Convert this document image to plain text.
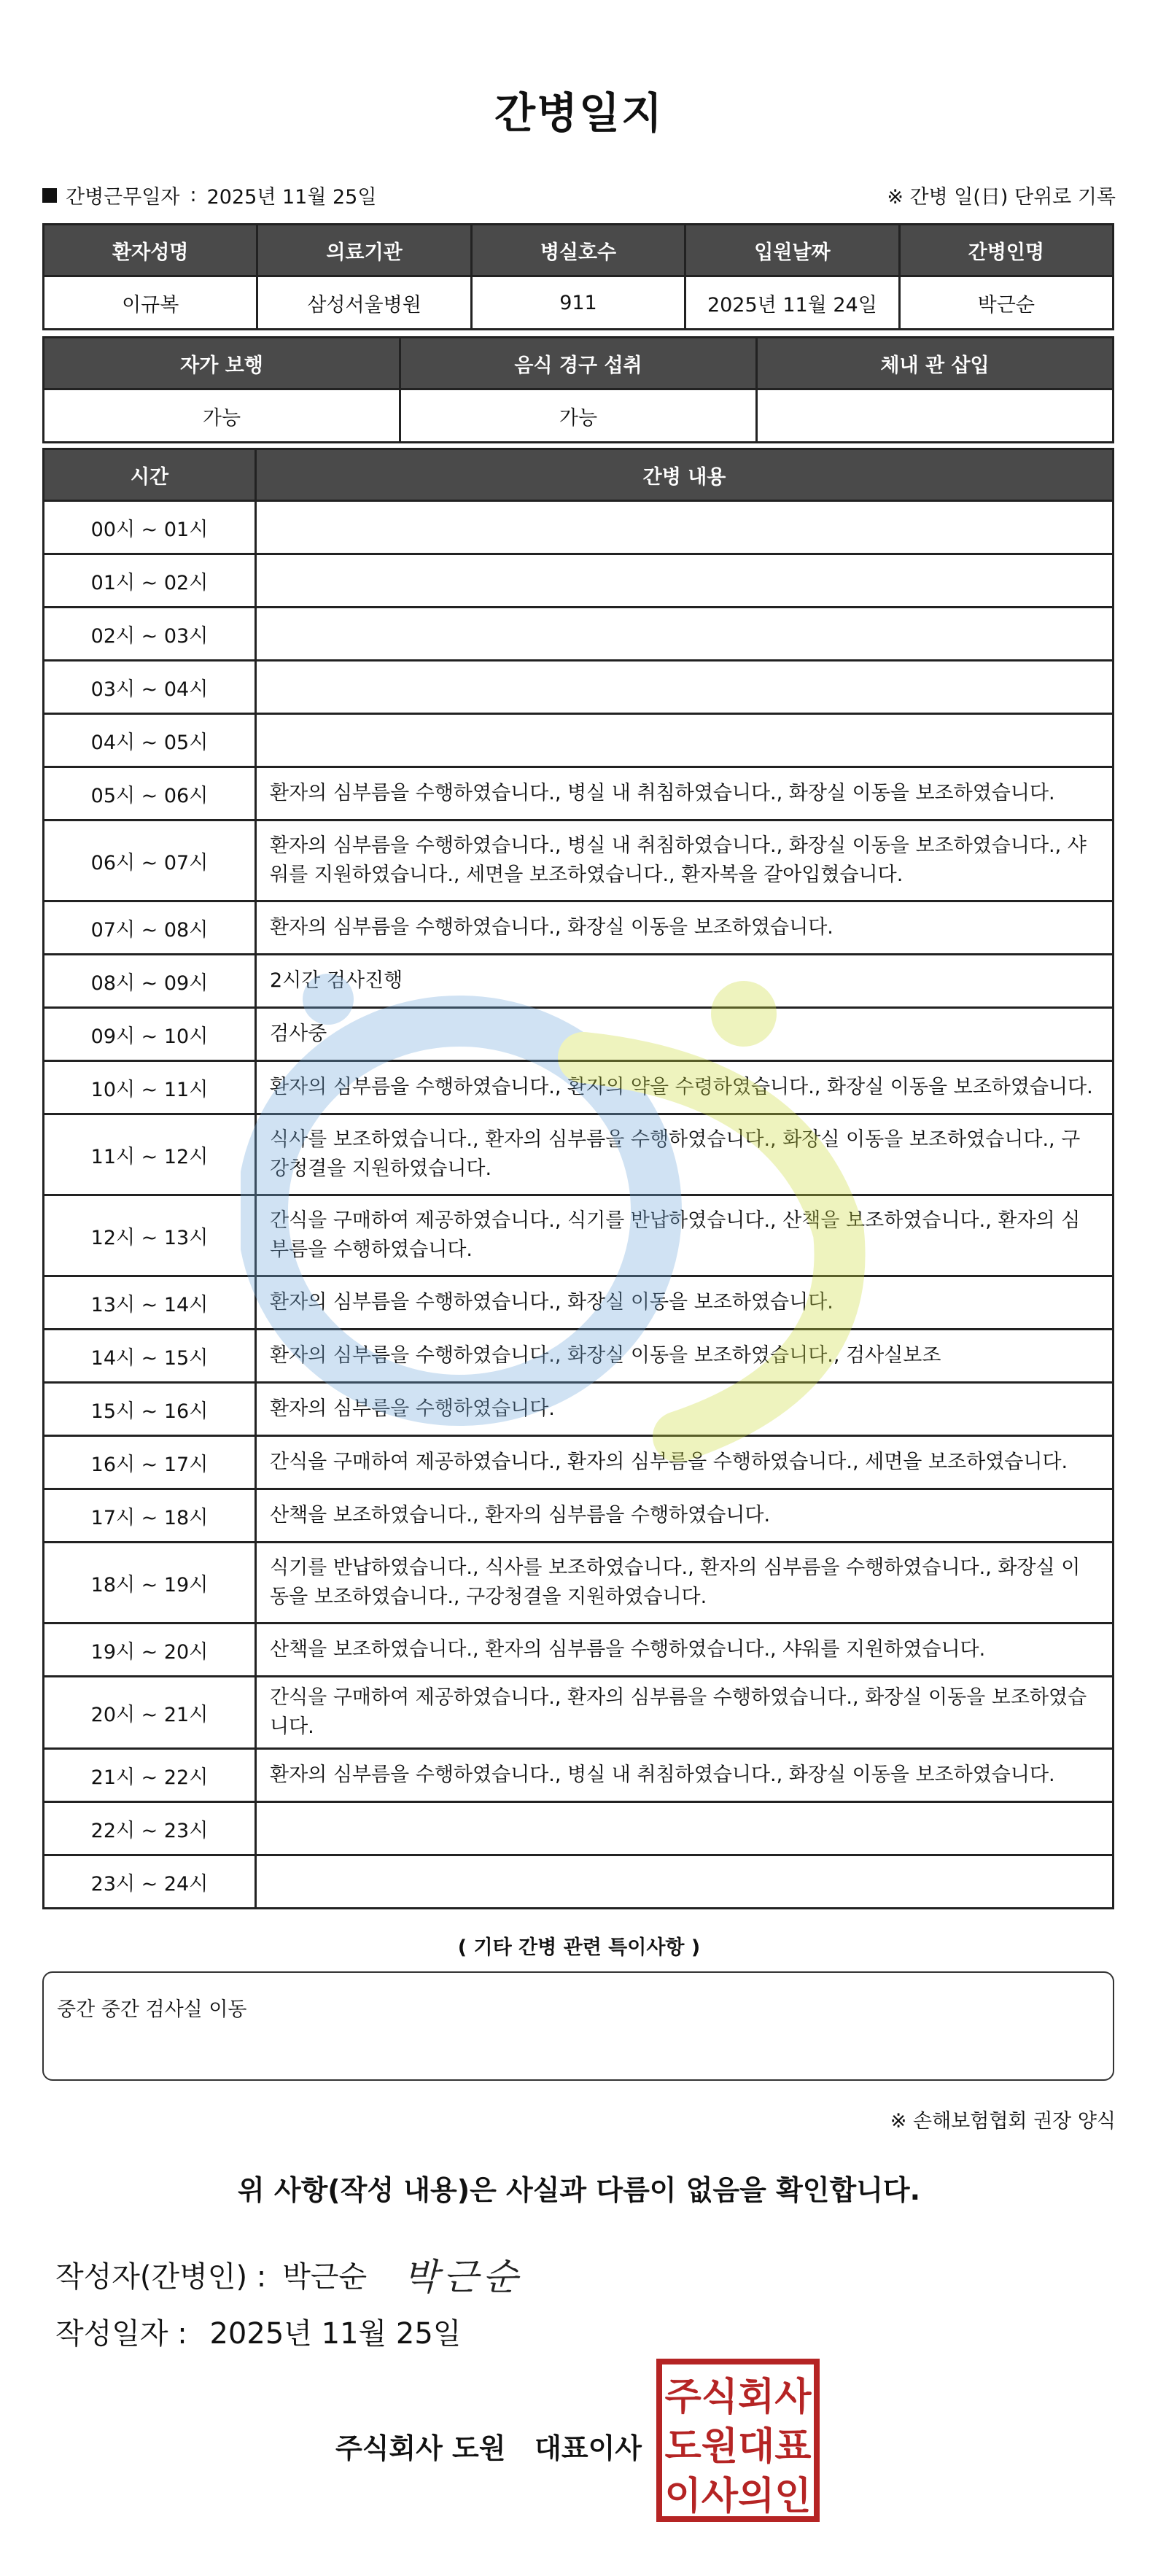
간병일지
간병근무일자 : 2025년 11월 25일	※ 간병 일(日) 단위로 기록
환자성명	의료기관	병실호수	입원날짜	간병인명
이규복	삼성서울병원	911	2025년 11월 24일	박근순
자가 보행	음식 경구 섭취	체내 관 삽입
가능	가능	
시간	간병 내용
00시 ~ 01시	
01시 ~ 02시	
02시 ~ 03시	
03시 ~ 04시	
04시 ~ 05시	
05시 ~ 06시	환자의 심부름을 수행하였습니다., 병실 내 취침하였습니다., 화장실 이동을 보조하였습니다.
06시 ~ 07시	환자의 심부름을 수행하였습니다., 병실 내 취침하였습니다., 화장실 이동을 보조하였습니다., 샤워를 지원하였습니다., 세면을 보조하였습니다., 환자복을 갈아입혔습니다.
07시 ~ 08시	환자의 심부름을 수행하였습니다., 화장실 이동을 보조하였습니다.
08시 ~ 09시	2시간 검사진행
09시 ~ 10시	검사중
10시 ~ 11시	환자의 심부름을 수행하였습니다., 환자의 약을 수령하였습니다., 화장실 이동을 보조하였습니다.
11시 ~ 12시	식사를 보조하였습니다., 환자의 심부름을 수행하였습니다., 화장실 이동을 보조하였습니다., 구강청결을 지원하였습니다.
12시 ~ 13시	간식을 구매하여 제공하였습니다., 식기를 반납하였습니다., 산책을 보조하였습니다., 환자의 심부름을 수행하였습니다.
13시 ~ 14시	환자의 심부름을 수행하였습니다., 화장실 이동을 보조하였습니다.
14시 ~ 15시	환자의 심부름을 수행하였습니다., 화장실 이동을 보조하였습니다., 검사실보조
15시 ~ 16시	환자의 심부름을 수행하였습니다.
16시 ~ 17시	간식을 구매하여 제공하였습니다., 환자의 심부름을 수행하였습니다., 세면을 보조하였습니다.
17시 ~ 18시	산책을 보조하였습니다., 환자의 심부름을 수행하였습니다.
18시 ~ 19시	식기를 반납하였습니다., 식사를 보조하였습니다., 환자의 심부름을 수행하였습니다., 화장실 이동을 보조하였습니다., 구강청결을 지원하였습니다.
19시 ~ 20시	산책을 보조하였습니다., 환자의 심부름을 수행하였습니다., 샤워를 지원하였습니다.
20시 ~ 21시	간식을 구매하여 제공하였습니다., 환자의 심부름을 수행하였습니다., 화장실 이동을 보조하였습니다.
21시 ~ 22시	환자의 심부름을 수행하였습니다., 병실 내 취침하였습니다., 화장실 이동을 보조하였습니다.
22시 ~ 23시	
23시 ~ 24시	
( 기타 간병 관련 특이사항 )
중간 중간 검사실 이동
※ 손해보험협회 권장 양식
위 사항(작성 내용)은 사실과 다름이 없음을 확인합니다.
작성자(간병인) : 박근순 박근순
작성일자 : 2025년 11월 25일
주식회사 도원   대표이사
주식회사
도원대표
이사의인
